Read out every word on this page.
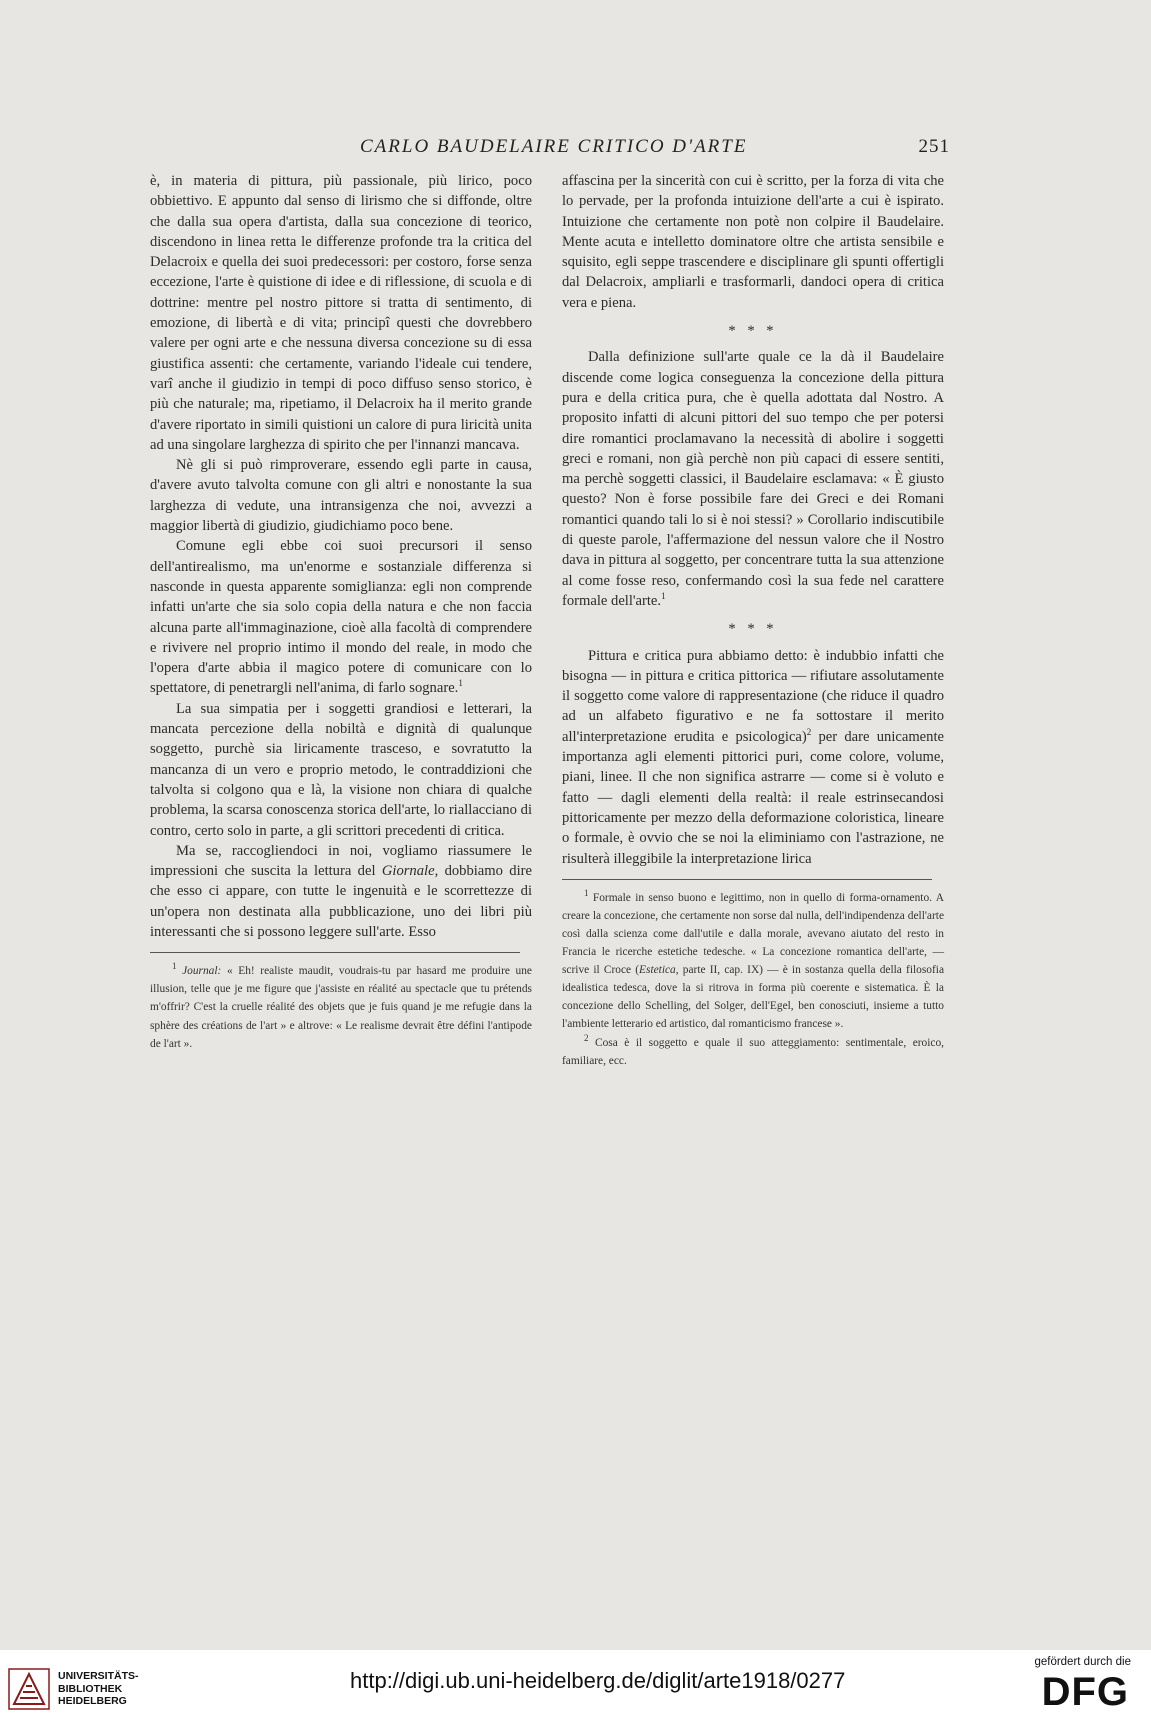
CARLO BAUDELAIRE CRITICO D'ARTE	251

è, in materia di pittura, più passionale, più lirico, poco obbiettivo. E appunto dal senso di lirismo che si diffonde, oltre che dalla sua opera d'artista, dalla sua concezione di teorico, discendono in linea retta le differenze profonde tra la critica del Delacroix e quella dei suoi predecessori: per costoro, forse senza eccezione, l'arte è quistione di idee e di riflessione, di scuola e di dottrine: mentre pel nostro pittore si tratta di sentimento, di emozione, di libertà e di vita; principî questi che dovrebbero valere per ogni arte e che nessuna diversa concezione su di essa giustifica assenti: che certamente, variando l'ideale cui tendere, varî anche il giudizio in tempi di poco diffuso senso storico, è più che naturale; ma, ripetiamo, il Delacroix ha il merito grande d'avere riportato in simili quistioni un calore di pura liricità unita ad una singolare larghezza di spirito che per l'innanzi mancava.

Nè gli si può rimproverare, essendo egli parte in causa, d'avere avuto talvolta comune con gli altri e nonostante la sua larghezza di vedute, una intransigenza che noi, avvezzi a maggior libertà di giudizio, giudichiamo poco bene.

Comune egli ebbe coi suoi precursori il senso dell'antirealismo, ma un'enorme e sostanziale differenza si nasconde in questa apparente somiglianza: egli non comprende infatti un'arte che sia solo copia della natura e che non faccia alcuna parte all'immaginazione, cioè alla facoltà di comprendere e rivivere nel proprio intimo il mondo del reale, in modo che l'opera d'arte abbia il magico potere di comunicare con lo spettatore, di penetrargli nell'anima, di farlo sognare.$^1$

La sua simpatia per i soggetti grandiosi e letterari, la mancata percezione della nobiltà e dignità di qualunque soggetto, purchè sia liricamente trasceso, e sovratutto la mancanza di un vero e proprio metodo, le contraddizioni che talvolta si colgono qua e là, la visione non chiara di qualche problema, la scarsa conoscenza storica dell'arte, lo riallacciano di contro, certo solo in parte, a gli scrittori precedenti di critica.

Ma se, raccogliendoci in noi, vogliamo riassumere le impressioni che suscita la lettura del Giornale, dobbiamo dire che esso ci appare, con tutte le ingenuità e le scorrettezze di un'opera non destinata alla pubblicazione, uno dei libri più interessanti che si possono leggere sull'arte. Esso

$^1$ Journal: « Eh! realiste maudit, voudrais-tu par hasard me produire une illusion, telle que je me figure que j'assiste en réalité au spectacle que tu prétends m'offrir? C'est la cruelle réalité des objets que je fuis quand je me refugie dans la sphère des créations de l'art » e altrove: « Le realisme devrait être défini l'antipode de l'art ».

affascina per la sincerità con cui è scritto, per la forza di vita che lo pervade, per la profonda intuizione dell'arte a cui è ispirato. Intuizione che certamente non potè non colpire il Baudelaire. Mente acuta e intelletto dominatore oltre che artista sensibile e squisito, egli seppe trascendere e disciplinare gli spunti offertigli dal Delacroix, ampliarli e trasformarli, dandoci opera di critica vera e piena.

* * *

Dalla definizione sull'arte quale ce la dà il Baudelaire discende come logica conseguenza la concezione della pittura pura e della critica pura, che è quella adottata dal Nostro. A proposito infatti di alcuni pittori del suo tempo che per potersi dire romantici proclamavano la necessità di abolire i soggetti greci e romani, non già perchè non più capaci di essere sentiti, ma perchè soggetti classici, il Baudelaire esclamava: « È giusto questo? Non è forse possibile fare dei Greci e dei Romani romantici quando tali lo si è noi stessi? » Corollario indiscutibile di queste parole, l'affermazione del nessun valore che il Nostro dava in pittura al soggetto, per concentrare tutta la sua attenzione al come fosse reso, confermando così la sua fede nel carattere formale dell'arte.$^1$

* * *

Pittura e critica pura abbiamo detto: è indubbio infatti che bisogna — in pittura e critica pittorica — rifiutare assolutamente il soggetto come valore di rappresentazione (che riduce il quadro ad un alfabeto figurativo e ne fa sottostare il merito all'interpretazione erudita e psicologica)$^2$ per dare unicamente importanza agli elementi pittorici puri, come colore, volume, piani, linee. Il che non significa astrarre — come si è voluto e fatto — dagli elementi della realtà: il reale estrinsecandosi pittoricamente per mezzo della deformazione coloristica, lineare o formale, è ovvio che se noi la eliminiamo con l'astrazione, ne risulterà illeggibile la interpretazione lirica

$^1$ Formale in senso buono e legittimo, non in quello di forma-ornamento. A creare la concezione, che certamente non sorse dal nulla, dell'indipendenza dell'arte così dalla scienza come dall'utile e dalla morale, avevano aiutato del resto in Francia le ricerche estetiche tedesche. « La concezione romantica dell'arte, — scrive il Croce (Estetica, parte II, cap. IX) — è in sostanza quella della filosofia idealistica tedesca, dove la si ritrova in forma più coerente e sistematica. È la concezione dello Schelling, del Solger, dell'Egel, ben conosciuti, insieme a tutto l'ambiente letterario ed artistico, dal romanticismo francese ».

$^2$ Cosa è il soggetto e quale il suo atteggiamento: sentimentale, eroico, familiare, ecc.

UNIVERSITÄTS-
BIBLIOTHEK
HEIDELBERG
http://digi.ub.uni-heidelberg.de/diglit/arte1918/0277
gefördert durch die
DFG
